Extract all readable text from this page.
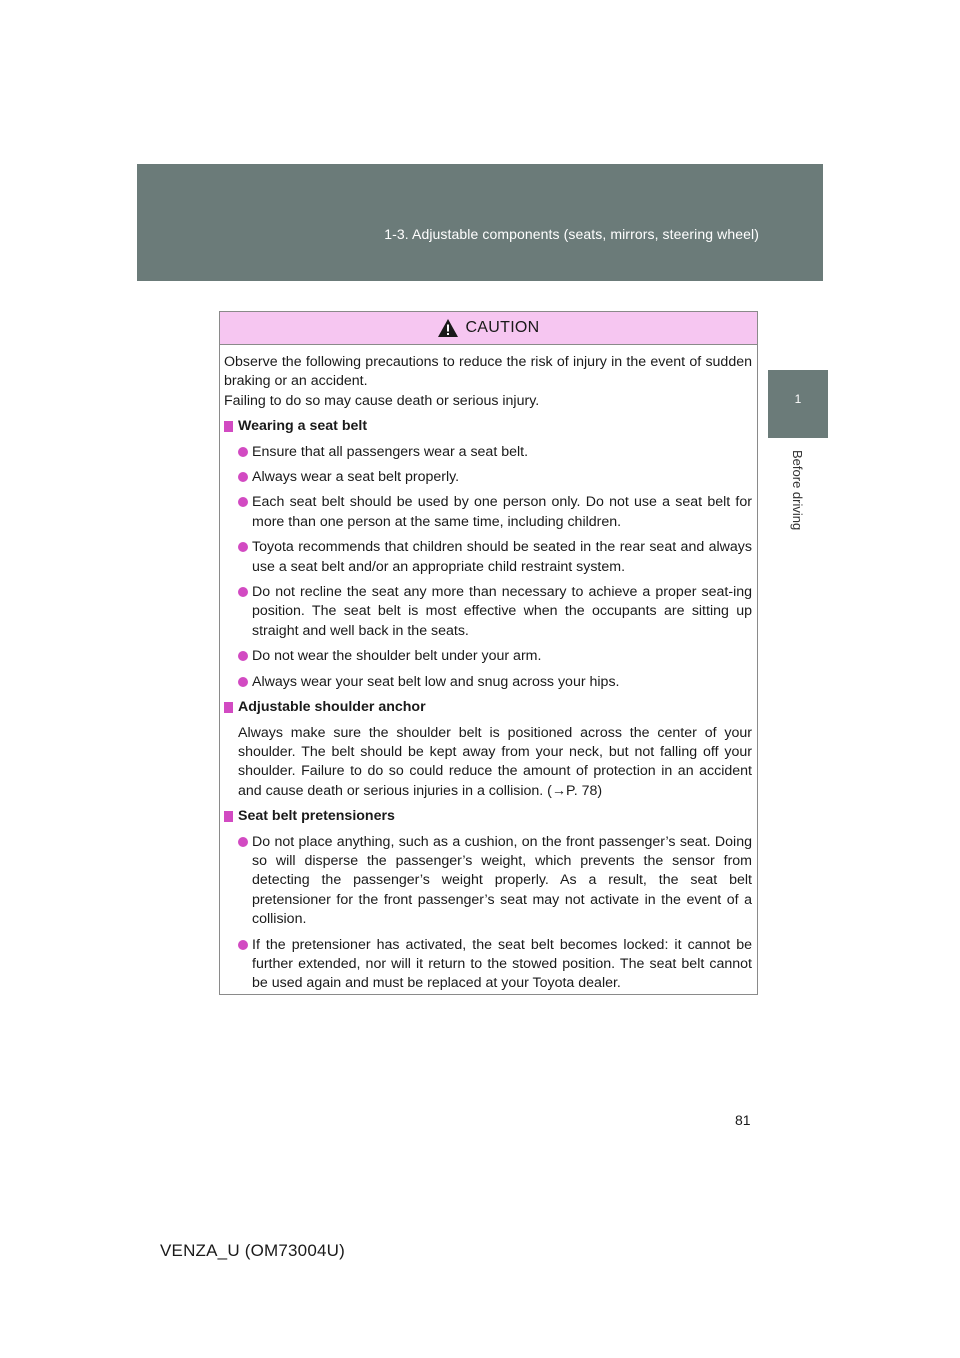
1-3. Adjustable components (seats, mirrors, steering wheel)
1
Before driving
CAUTION

Observe the following precautions to reduce the risk of injury in the event of sudden braking or an accident.
Failing to do so may cause death or serious injury.

Wearing a seat belt
Ensure that all passengers wear a seat belt.
Always wear a seat belt properly.
Each seat belt should be used by one person only. Do not use a seat belt for more than one person at the same time, including children.
Toyota recommends that children should be seated in the rear seat and always use a seat belt and/or an appropriate child restraint system.
Do not recline the seat any more than necessary to achieve a proper seat-ing position. The seat belt is most effective when the occupants are sitting up straight and well back in the seats.
Do not wear the shoulder belt under your arm.
Always wear your seat belt low and snug across your hips.
Adjustable shoulder anchor
Always make sure the shoulder belt is positioned across the center of your shoulder. The belt should be kept away from your neck, but not falling off your shoulder. Failure to do so could reduce the amount of protection in an accident and cause death or serious injuries in a collision. (→P. 78)
Seat belt pretensioners
Do not place anything, such as a cushion, on the front passenger’s seat. Doing so will disperse the passenger’s weight, which prevents the sensor from detecting the passenger’s weight properly. As a result, the seat belt pretensioner for the front passenger’s seat may not activate in the event of a collision.
If the pretensioner has activated, the seat belt becomes locked: it cannot be further extended, nor will it return to the stowed position. The seat belt cannot be used again and must be replaced at your Toyota dealer.
81
VENZA_U (OM73004U)
